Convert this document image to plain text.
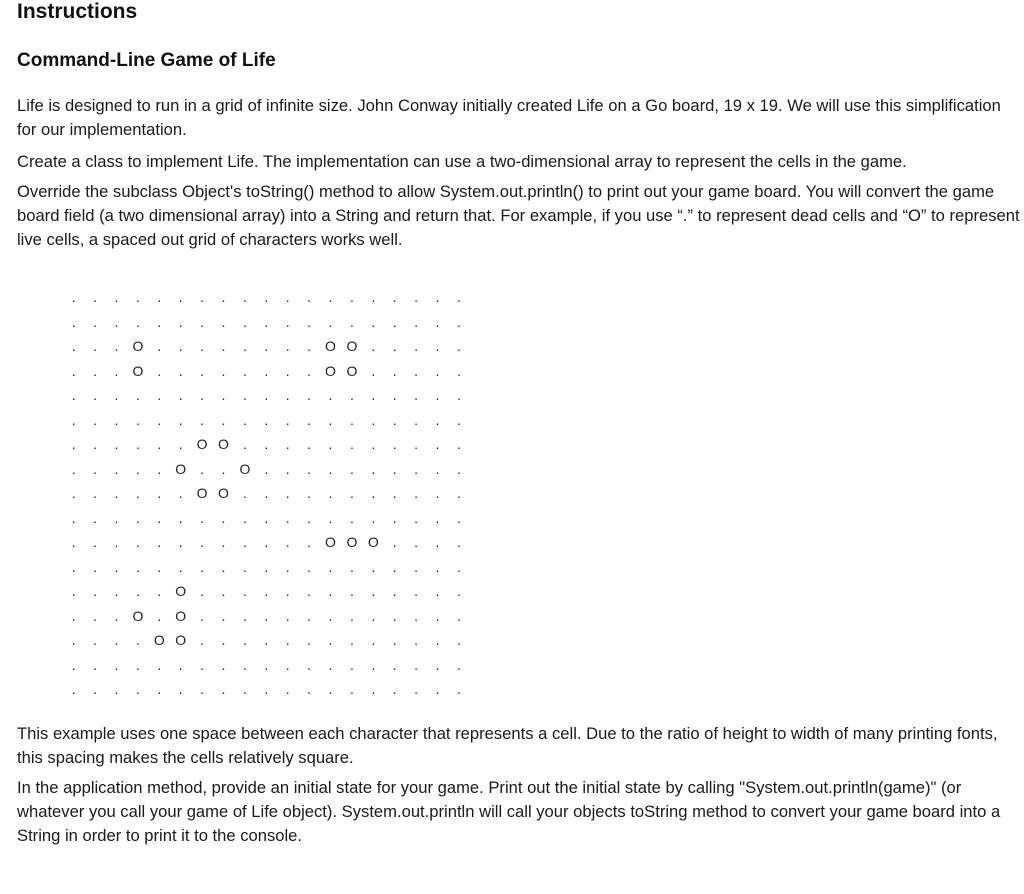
Instructions
Command-Line Game of Life

Life is designed to run in a grid of infinite size. John Conway initially created Life on a Go board, 19 x 19. We will use this simplification for our implementation.

Create a class to implement Life. The implementation can use a two-dimensional array to represent the cells in the game.

Override the subclass Object's toString() method to allow System.out.println() to print out your game board. You will convert the game board field (a two dimensional array) into a String and return that. For example, if you use “.” to represent dead cells and “O” to represent live cells, a spaced out grid of characters works well.

.	.	.	.	.	.	.	.	.	.	.	.	.	.	.	.	.	.	.
.	.	.	.	.	.	.	.	.	.	.	.	.	.	.	.	.	.	.
.	.	.	O	.	.	.	.	.	.	.	.	O O	.	.	.	.	.
.	.	.	O	.	.	.	.	.	.	.	.	O O	.	.	.	.	.
.	.	.	.	.	.	.	.	.	.	.	.	.	.	.	.	.	.	.
.	.	.	.	.	.	.	.	.	.	.	.	.	.	.	.	.	.	.
.	.	.	.	.	.	O O	.	.	.	.	.	.	.	.	.	.	.
.	.	.	.	.	O	.	.	O	.	.	.	.	.	.	.	.	.	.
.	.	.	.	.	.	O O	.	.	.	.	.	.	.	.	.	.	.
.	.	.	.	.	.	.	.	.	.	.	.	.	.	.	.	.	.	.
.	.	.	.	.	.	.	.	.	.	.	.	O O O	.	.	.	.
.	.	.	.	.	.	.	.	.	.	.	.	.	.	.	.	.	.	.
.	.	.	.	.	O	.	.	.	.	.	.	.	.	.	.	.	.	.
.	.	.	O	.	O	.	.	.	.	.	.	.	.	.	.	.	.	.
.	.	.	.	O O	.	.	.	.	.	.	.	.	.	.	.	.	.
.	.	.	.	.	.	.	.	.	.	.	.	.	.	.	.	.	.	.
.	.	.	.	.	.	.	.	.	.	.	.	.	.	.	.	.	.	.

This example uses one space between each character that represents a cell. Due to the ratio of height to width of many printing fonts, this spacing makes the cells relatively square.

In the application method, provide an initial state for your game. Print out the initial state by calling "System.out.println(game)" (or whatever you call your game of Life object). System.out.println will call your objects toString method to convert your game board into a String in order to print it to the console.
